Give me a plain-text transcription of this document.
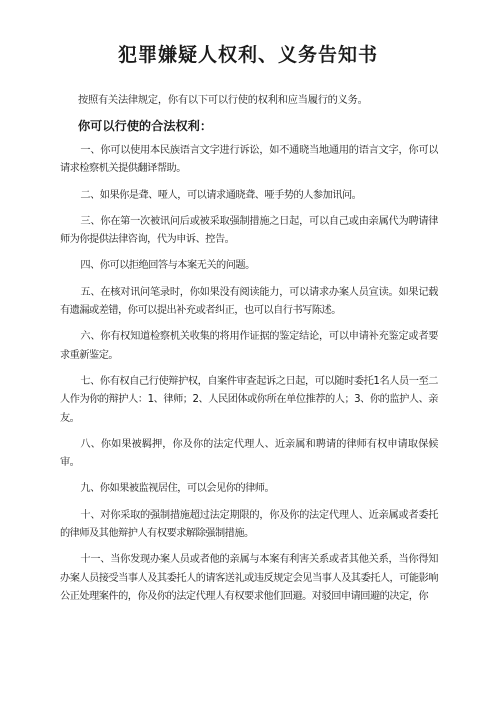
犯罪嫌疑人权利、义务告知书
按照有关法律规定，你有以下可以行使的权利和应当履行的义务。
你可以行使的合法权利：

一、你可以使用本民族语言文字进行诉讼，如不通晓当地通用的语言文字，你可以请求检察机关提供翻译帮助。

二、如果你是聋、哑人，可以请求通晓聋、哑手势的人参加讯问。

三、你在第一次被讯问后或被采取强制措施之日起，可以自己或由亲属代为聘请律师为你提供法律咨询，代为申诉、控告。

四、你可以拒绝回答与本案无关的问题。

五、在核对讯问笔录时，你如果没有阅读能力，可以请求办案人员宣读。如果记载有遗漏或差错，你可以提出补充或者纠正，也可以自行书写陈述。

六、你有权知道检察机关收集的将用作证据的鉴定结论，可以申请补充鉴定或者要求重新鉴定。

七、你有权自己行使辩护权，自案件审查起诉之日起，可以随时委托1名人员一至二人作为你的辩护人：1、律师；2、人民团体或你所在单位推荐的人；3、你的监护人、亲友。

八、你如果被羁押，你及你的法定代理人、近亲属和聘请的律师有权申请取保候审。

九、你如果被监视居住，可以会见你的律师。

十、对你采取的强制措施超过法定期限的，你及你的法定代理人、近亲属或者委托的律师及其他辩护人有权要求解除强制措施。

十一、当你发现办案人员或者他的亲属与本案有利害关系或者其他关系，当你得知办案人员接受当事人及其委托人的请客送礼或违反规定会见当事人及其委托人，可能影响公正处理案件的，你及你的法定代理人有权要求他们回避。对驳回申请回避的决定，你
